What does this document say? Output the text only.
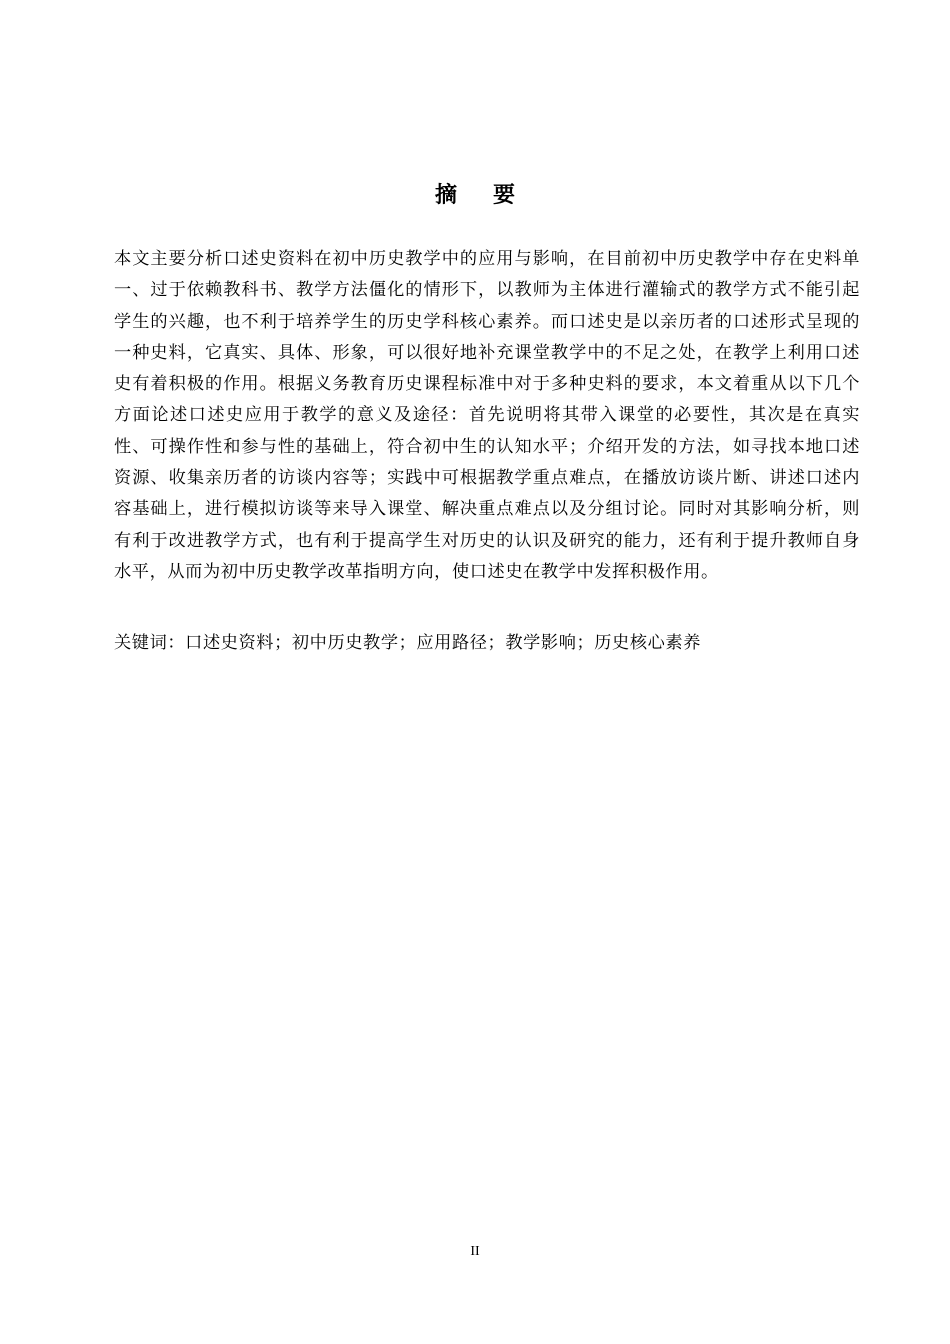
摘要

本文主要分析口述史资料在初中历史教学中的应用与影响，在目前初中历史教学中存在史料单一、过于依赖教科书、教学方法僵化的情形下，以教师为主体进行灌输式的教学方式不能引起学生的兴趣，也不利于培养学生的历史学科核心素养。而口述史是以亲历者的口述形式呈现的一种史料，它真实、具体、形象，可以很好地补充课堂教学中的不足之处，在教学上利用口述史有着积极的作用。根据义务教育历史课程标准中对于多种史料的要求，本文着重从以下几个方面论述口述史应用于教学的意义及途径：首先说明将其带入课堂的必要性，其次是在真实性、可操作性和参与性的基础上，符合初中生的认知水平；介绍开发的方法，如寻找本地口述资源、收集亲历者的访谈内容等；实践中可根据教学重点难点，在播放访谈片断、讲述口述内容基础上，进行模拟访谈等来导入课堂、解决重点难点以及分组讨论。同时对其影响分析，则有利于改进教学方式，也有利于提高学生对历史的认识及研究的能力，还有利于提升教师自身水平，从而为初中历史教学改革指明方向，使口述史在教学中发挥积极作用。

关键词：口述史资料；初中历史教学；应用路径；教学影响；历史核心素养

II
